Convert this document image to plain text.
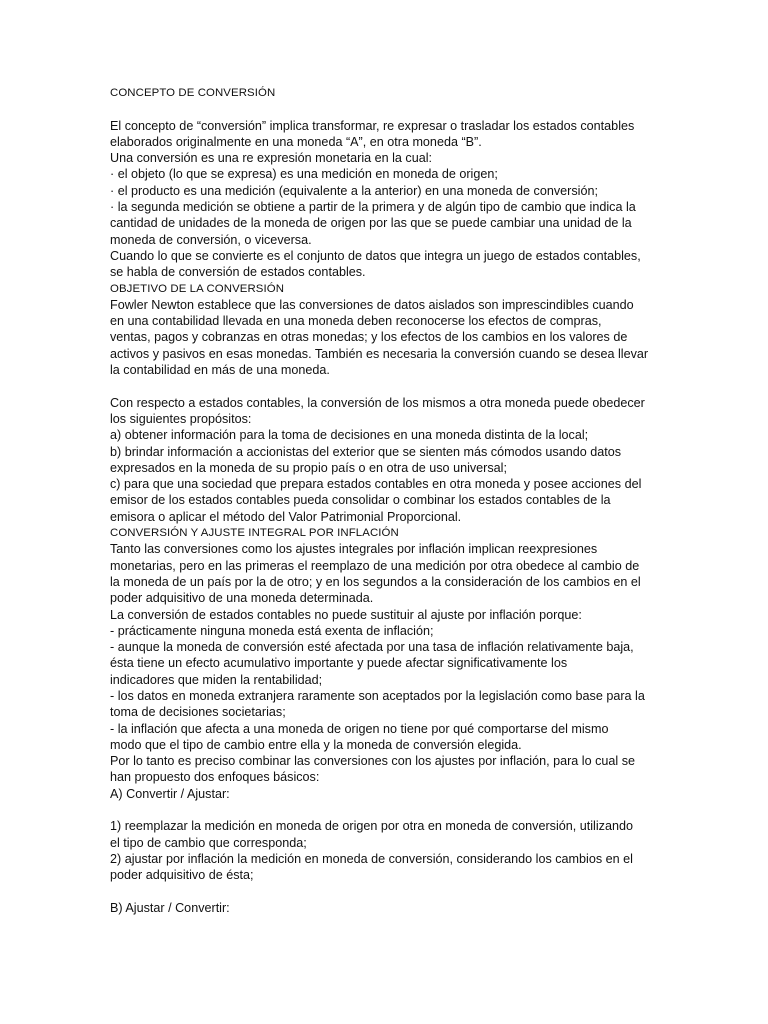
CONCEPTO DE CONVERSIÓN
El concepto de “conversión” implica transformar, re expresar o trasladar los estados contables
elaborados originalmente en una moneda “A”, en otra moneda “B”.
Una conversión es una re expresión monetaria en la cual:
· el objeto (lo que se expresa) es una medición en moneda de origen;
· el producto es una medición (equivalente a la anterior) en una moneda de conversión;
· la segunda medición se obtiene a partir de la primera y de algún tipo de cambio que indica la
cantidad de unidades de la moneda de origen por las que se puede cambiar una unidad de la
moneda de conversión, o viceversa.
Cuando lo que se convierte es el conjunto de datos que integra un juego de estados contables,
se habla de conversión de estados contables.
OBJETIVO DE LA CONVERSIÓN
Fowler Newton establece que las conversiones de datos aislados son imprescindibles cuando
en una contabilidad llevada en una moneda deben reconocerse los efectos de compras,
ventas, pagos y cobranzas en otras monedas; y los efectos de los cambios en los valores de
activos y pasivos en esas monedas. También es necesaria la conversión cuando se desea llevar
la contabilidad en más de una moneda.
Con respecto a estados contables, la conversión de los mismos a otra moneda puede obedecer
los siguientes propósitos:
a) obtener información para la toma de decisiones en una moneda distinta de la local;
b) brindar información a accionistas del exterior que se sienten más cómodos usando datos
expresados en la moneda de su propio país o en otra de uso universal;
c) para que una sociedad que prepara estados contables en otra moneda y posee acciones del
emisor de los estados contables pueda consolidar o combinar los estados contables de la
emisora o aplicar el método del Valor Patrimonial Proporcional.
CONVERSIÓN Y AJUSTE INTEGRAL POR INFLACIÓN
Tanto las conversiones como los ajustes integrales por inflación implican reexpresiones
monetarias, pero en las primeras el reemplazo de una medición por otra obedece al cambio de
la moneda de un país por la de otro; y en los segundos a la consideración de los cambios en el
poder adquisitivo de una moneda determinada.
La conversión de estados contables no puede sustituir al ajuste por inflación porque:
- prácticamente ninguna moneda está exenta de inflación;
- aunque la moneda de conversión esté afectada por una tasa de inflación relativamente baja,
ésta tiene un efecto acumulativo importante y puede afectar significativamente los
indicadores que miden la rentabilidad;
- los datos en moneda extranjera raramente son aceptados por la legislación como base para la
toma de decisiones societarias;
- la inflación que afecta a una moneda de origen no tiene por qué comportarse del mismo
modo que el tipo de cambio entre ella y la moneda de conversión elegida.
Por lo tanto es preciso combinar las conversiones con los ajustes por inflación, para lo cual se
han propuesto dos enfoques básicos:
A) Convertir / Ajustar:
1) reemplazar la medición en moneda de origen por otra en moneda de conversión, utilizando
el tipo de cambio que corresponda;
2) ajustar por inflación la medición en moneda de conversión, considerando los cambios en el
poder adquisitivo de ésta;
B) Ajustar / Convertir:
